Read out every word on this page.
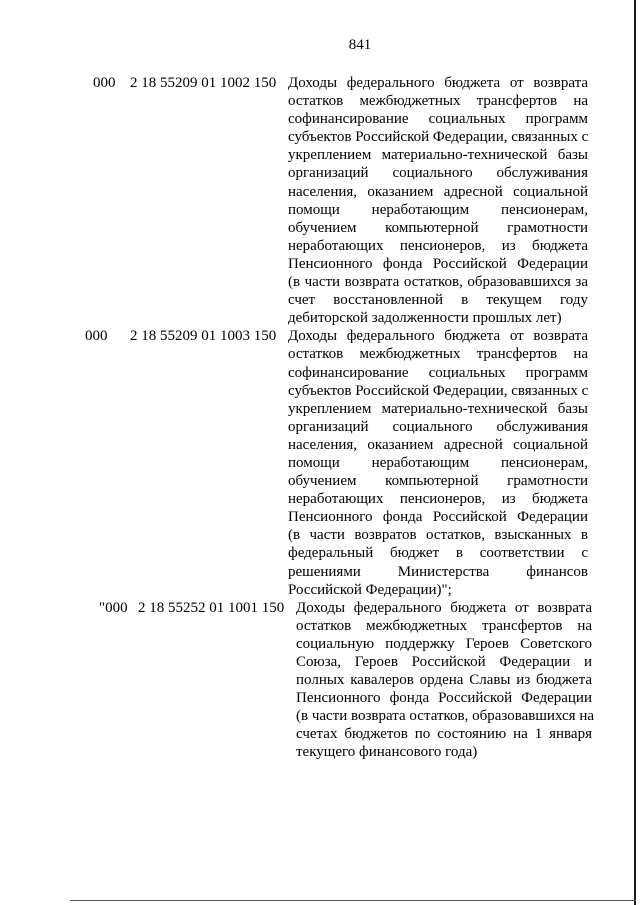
841
000 2 18 55209 01 1002 150 Доходы федерального бюджета от возврата
остатков межбюджетных трансфертов на
софинансирование социальных программ
субъектов Российской Федерации, связанных с
укреплением материально-технической базы
организаций социального обслуживания
населения, оказанием адресной социальной
помощи неработающим пенсионерам,
обучением компьютерной грамотности
неработающих пенсионеров, из бюджета
Пенсионного фонда Российской Федерации
(в части возврата остатков, образовавшихся за
счет восстановленной в текущем году
дебиторской задолженности прошлых лет)
000	2 18 55209 01 1003 150 Доходы федерального бюджета от возврата
остатков межбюджетных трансфертов на
софинансирование социальных программ
субъектов Российской Федерации, связанных с
укреплением материально-технической базы
организаций социального обслуживания
населения, оказанием адресной социальной
помощи неработающим пенсионерам,
обучением компьютерной грамотности
неработающих пенсионеров, из бюджета
Пенсионного фонда Российской Федерации
(в части возвратов остатков, взысканных в
федеральный бюджет в соответствии с
решениями Министерства финансов
Российской Федерации)";
"000 2 18 55252 01 1001 150 Доходы федерального бюджета от возврата
остатков межбюджетных трансфертов на
социальную поддержку Героев Советского
Союза, Героев Российской Федерации и
полных кавалеров ордена Славы из бюджета
Пенсионного фонда Российской Федерации
(в части возврата остатков, образовавшихся на
счетах бюджетов по состоянию на 1 января
текущего финансового года)
